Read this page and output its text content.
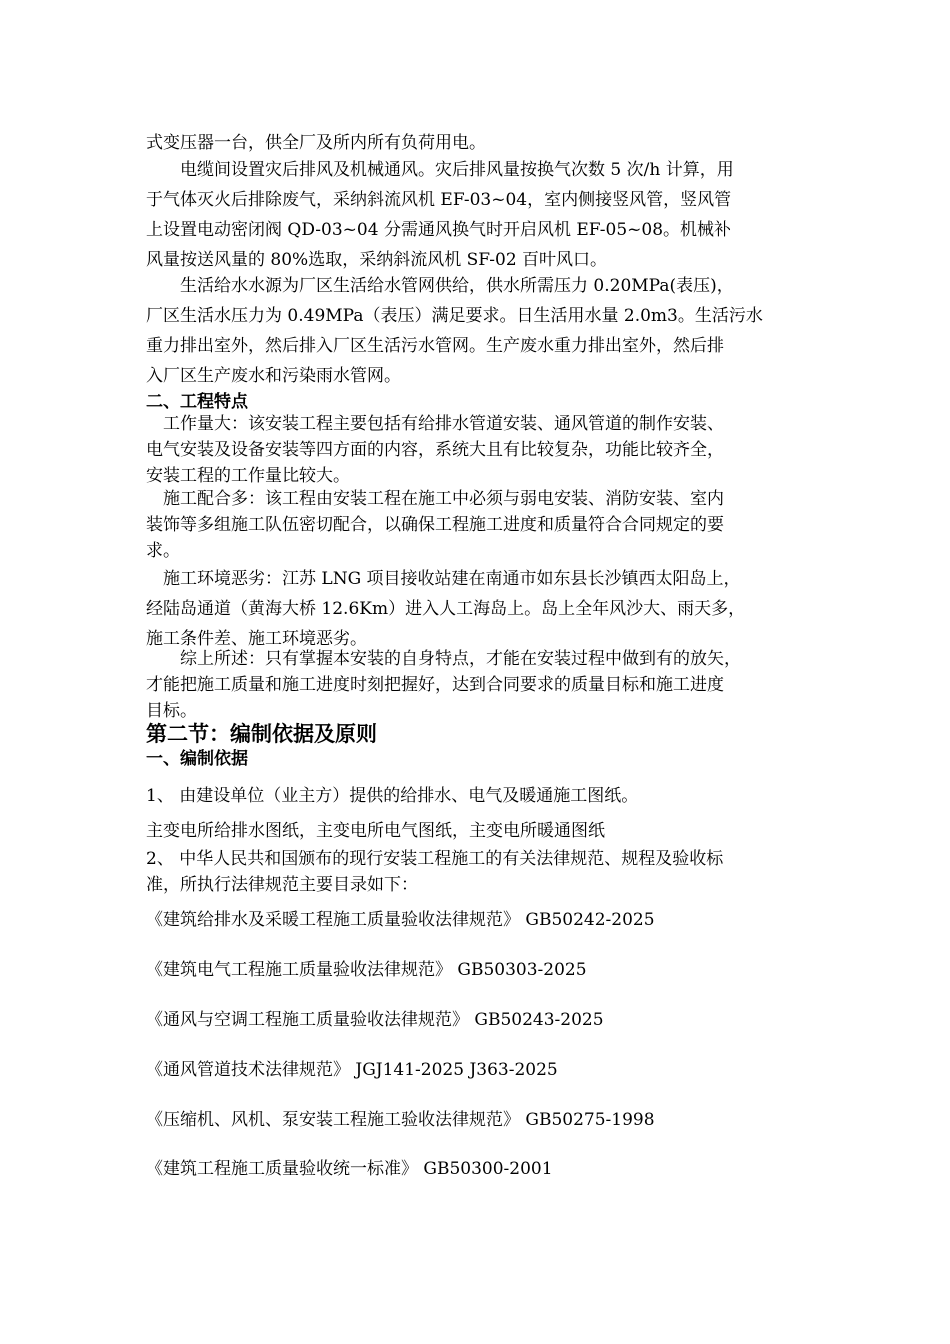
式变压器一台，供全厂及所内所有负荷用电。
　　电缆间设置灾后排风及机械通风。灾后排风量按换气次数 5 次/h 计算，用
于气体灭火后排除废气，采纳斜流风机 EF-03~04，室内侧接竖风管，竖风管
上设置电动密闭阀 QD-03~04 分需通风换气时开启风机 EF-05~08。机械补
风量按送风量的 80%选取，采纳斜流风机 SF-02 百叶风口。
　　生活给水水源为厂区生活给水管网供给，供水所需压力 0.20MPa(表压)，
厂区生活水压力为 0.49MPa（表压）满足要求。日生活用水量 2.0m3。生活污水
重力排出室外，然后排入厂区生活污水管网。生产废水重力排出室外，然后排
入厂区生产废水和污染雨水管网。
二、工程特点
　工作量大：该安装工程主要包括有给排水管道安装、通风管道的制作安装、
电气安装及设备安装等四方面的内容，系统大且有比较复杂，功能比较齐全，
安装工程的工作量比较大。
　施工配合多：该工程由安装工程在施工中必须与弱电安装、消防安装、室内
装饰等多组施工队伍密切配合，以确保工程施工进度和质量符合合同规定的要
求。
　施工环境恶劣：江苏 LNG 项目接收站建在南通市如东县长沙镇西太阳岛上，
经陆岛通道（黄海大桥 12.6Km）进入人工海岛上。岛上全年风沙大、雨天多，
施工条件差、施工环境恶劣。
　　综上所述：只有掌握本安装的自身特点，才能在安装过程中做到有的放矢，
才能把施工质量和施工进度时刻把握好，达到合同要求的质量目标和施工进度
目标。
第二节：编制依据及原则
一、编制依据
1、 由建设单位（业主方）提供的给排水、电气及暖通施工图纸。
主变电所给排水图纸，主变电所电气图纸，主变电所暖通图纸
2、 中华人民共和国颁布的现行安装工程施工的有关法律规范、规程及验收标
准，所执行法律规范主要目录如下：
《建筑给排水及采暖工程施工质量验收法律规范》 GB50242-2025
《建筑电气工程施工质量验收法律规范》 GB50303-2025
《通风与空调工程施工质量验收法律规范》 GB50243-2025
《通风管道技术法律规范》 JGJ141-2025 J363-2025
《压缩机、风机、泵安装工程施工验收法律规范》 GB50275-1998
《建筑工程施工质量验收统一标准》 GB50300-2001
